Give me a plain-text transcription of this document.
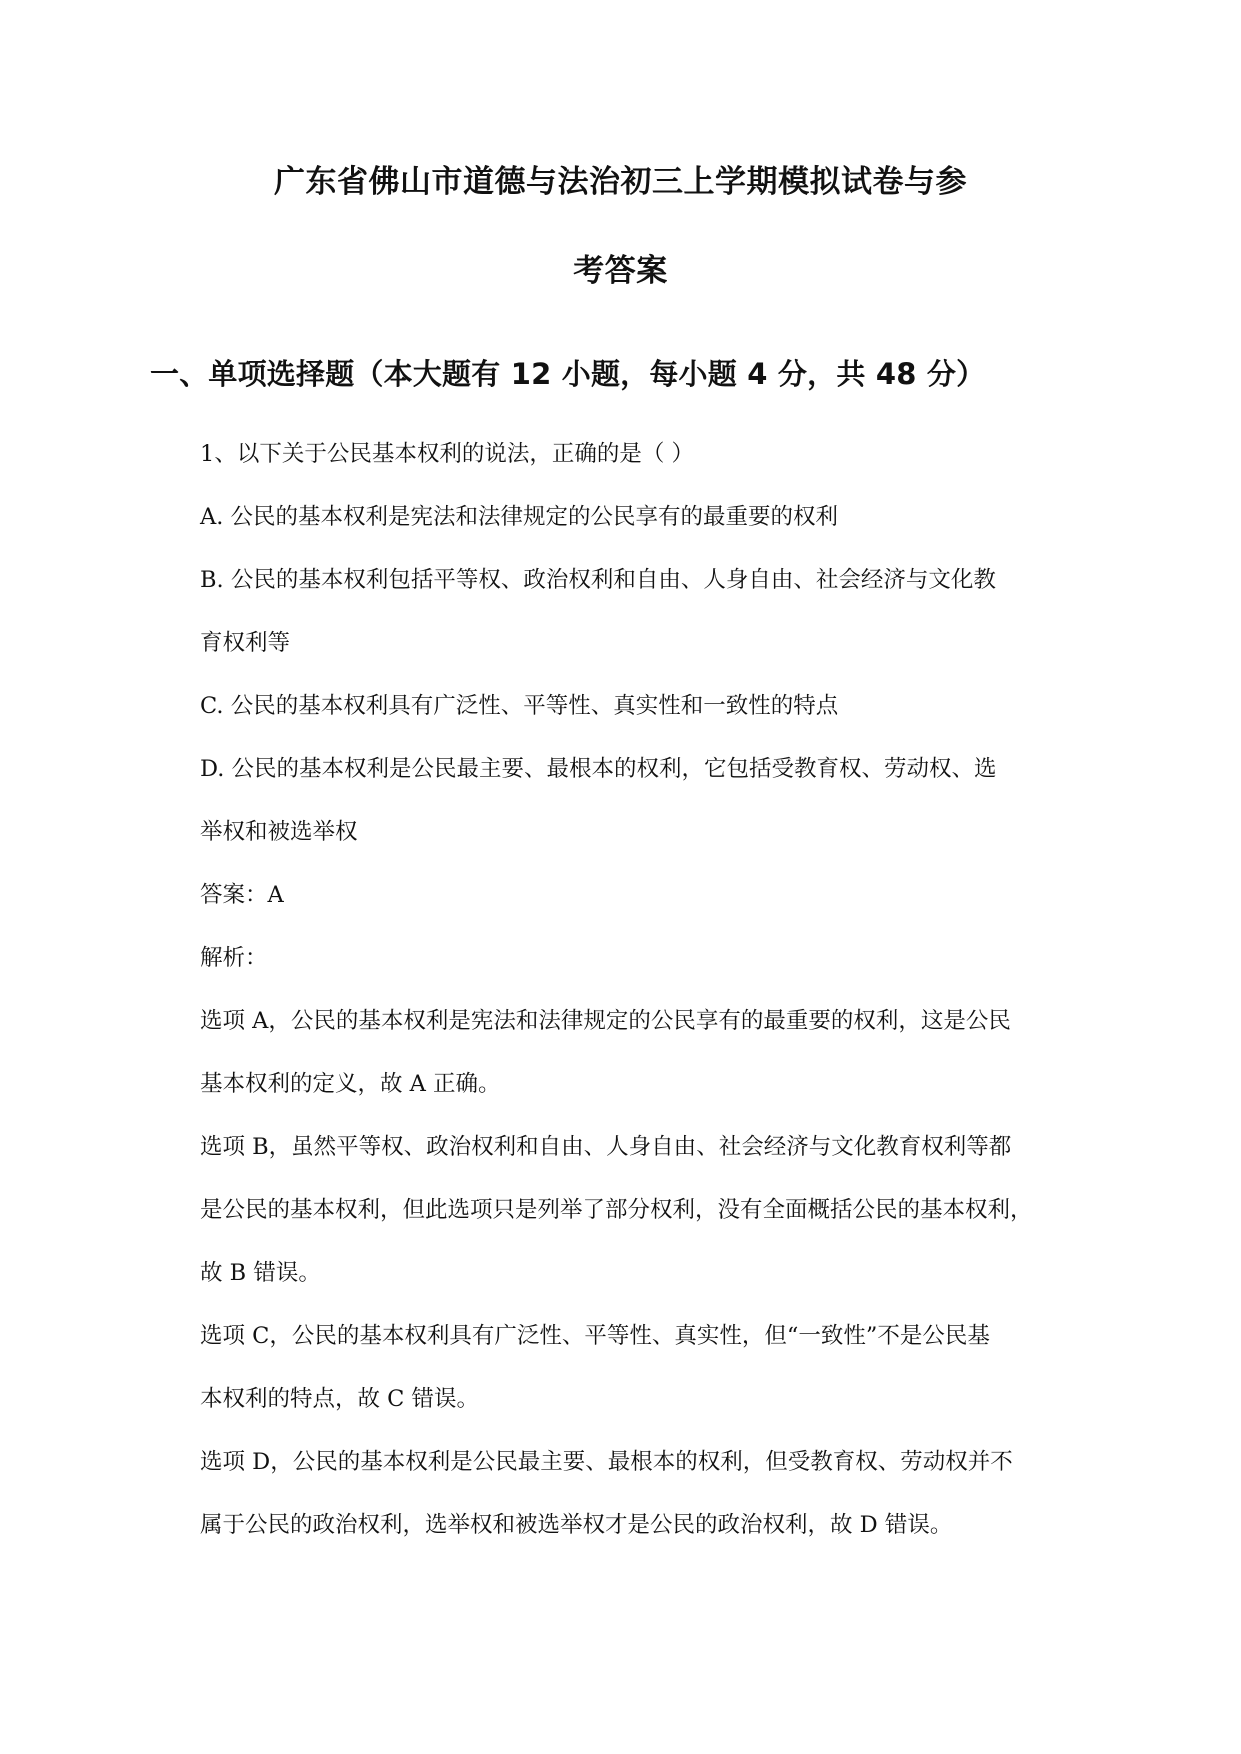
广东省佛山市道德与法治初三上学期模拟试卷与参
考答案
一、单项选择题（本大题有 12 小题，每小题 4 分，共 48 分）
1、以下关于公民基本权利的说法，正确的是（ ）
A. 公民的基本权利是宪法和法律规定的公民享有的最重要的权利
B. 公民的基本权利包括平等权、政治权利和自由、人身自由、社会经济与文化教
育权利等
C. 公民的基本权利具有广泛性、平等性、真实性和一致性的特点
D. 公民的基本权利是公民最主要、最根本的权利，它包括受教育权、劳动权、选
举权和被选举权
答案：A
解析：
选项 A，公民的基本权利是宪法和法律规定的公民享有的最重要的权利，这是公民
基本权利的定义，故 A 正确。
选项 B，虽然平等权、政治权利和自由、人身自由、社会经济与文化教育权利等都
是公民的基本权利，但此选项只是列举了部分权利，没有全面概括公民的基本权利，
故 B 错误。
选项 C，公民的基本权利具有广泛性、平等性、真实性，但“一致性”不是公民基
本权利的特点，故 C 错误。
选项 D，公民的基本权利是公民最主要、最根本的权利，但受教育权、劳动权并不
属于公民的政治权利，选举权和被选举权才是公民的政治权利，故 D 错误。
